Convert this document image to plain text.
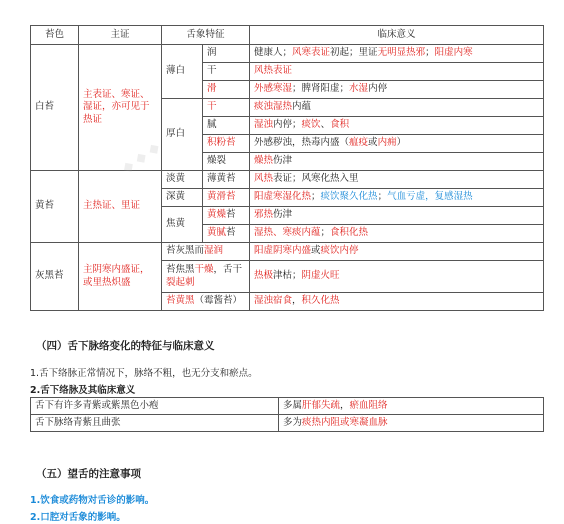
苔色	主证	舌象特征		临床意义
白苔	主表证、寒证、湿证，亦可见于热证	薄白	润	健康人；风寒表证初起；里证无明显热邪；阳虚内寒
			干	风热表证
			滑	外感寒湿；脾肾阳虚；水湿内停
		厚白	干	痰浊湿热内蕴
			腻	湿浊内停；痰饮、食积
			积粉苔	外感秽浊，热毒内盛（瘟疫或内痈）
			燥裂	燥热伤津
黄苔	主热证、里证	淡黄	薄黄苔	风热表证；风寒化热入里
		深黄	黄滑苔	阳虚寒湿化热；痰饮聚久化热；气血亏虚，复感湿热
		焦黄	黄燥苔	邪热伤津
			黄腻苔	湿热、寒痰内蕴；食积化热
灰黑苔	主阴寒内盛证，或里热炽盛	苔灰黑而湿润		阳虚阴寒内盛或痰饮内停
		苔焦黑干燥，舌干裂起刺		热极津枯；阴虚火旺
		苔黄黑（霉酱苔）		湿浊宿食，积久化热

（四）舌下脉络变化的特征与临床意义

1.舌下络脉正常情况下，脉络不粗，也无分支和瘀点。

2.舌下络脉及其临床意义

舌下有许多青紫或紫黑色小疱	多属肝郁失疏，瘀血阻络
舌下脉络青紫且曲张	多为痰热内阻或寒凝血脉

（五）望舌的注意事项

1.饮食或药物对舌诊的影响。

2.口腔对舌象的影响。

◆ ◆ ◆
